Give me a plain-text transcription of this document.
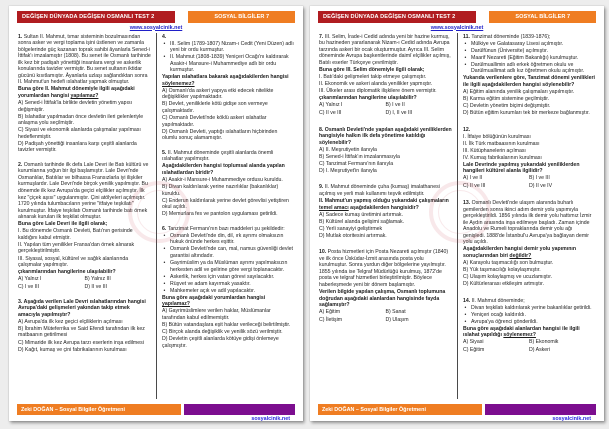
DEĞİŞEN DÜNYADA DEĞİŞEN OSMANLI TEST 2	SOSYAL BİLGİLER 7
www.sosyalcinik.net
1. Sultan II. Mahmut, tımar sisteminin bozulmasından sonra asker ve vergi toplama işini üstlenen ve zamanla bölgelerinde güç kazanan toprak sahibi âyanlarla Sened-i İttifak'ı imzalamıştır (1808). Bu senet ile Osmanlı tarihinde ilk kez bir padişah yönettiği insanlara vergi ve askerlik konularında tavizler vermiştir. Bu senet sultanın iktidar gücünü kısıtlamıştır. Âyanlarla uzlaşı sağlandıktan sonra II. Mahmut'un hedefi ıslahatlar yapmak olmuştur.
Buna göre II. Mahmut dönemiyle ilgili aşağıdaki yorumlardan hangisi yapılamaz?
A) Sened-i İttifak'la birlikte devletin yönetim yapısı değişmiştir.
B) Islahatlar yapılmadan önce devletin ileri gelenleriyle anlaşma yolu seçilmiştir.
C) Siyasi ve ekonomik alanlarda çalışmalar yapılması hedeflenmiştir.
D) Padişah yönettiği insanlara karşı çeşitli alanlarda tavizler vermiştir.
2. Osmanlı tarihinde ilk defa Lale Devri ile Batı kültürü ve kurumlarına yoğun bir ilgi başlamıştır. Lale Devri'nde Osmanlılar, Batılılar ve bilhassa Fransızlarla iyi ilişkiler kurmuşlardır. Lale Devri'nde birçok yenilik yapılmıştır. Bu dönemde ilk kez Avrupa'da geçici elçilikler açılmıştır. İlk kez "çiçek aşısı" uygulanmıştır. Çini atölyeleri açılmıştır. 1720 yılında tulumbacıların yerine "itfaiye teşkilatı" kurulmuştur. İtfaiye teşkilatı Osmanlı tarihinde batı örnek alınarak kurulan ilk teşkilat olmuştur.
Buna göre Lale Devri ile ilgili olarak;
I. Bu dönemde Osmanlı Devleti, Batı'nın gerisinde kaldığını kabul etmiştir.
II. Yapılan tüm yenilikler Fransa'dan örnek alınarak gerçekleştirilmiştir.
III. Siyasal, sosyal, kültürel ve sağlık alanlarında çalışmalar yapılmıştır.
çıkarımlarından hangilerine ulaşılabilir?
A) Yalnız I	B) Yalnız III
C) I ve III	D) II ve III
3. Aşağıda verilen Lale Devri ıslahatlarından hangisi Avrupa'daki gelişmeleri yakından takip etmek amacıyla yapılmıştır?
A) Avrupa'da ilk kez geçici elçiliklerin açılması
B) İbrahim Müteferrika ve Said Efendi tarafından ilk kez matbaanın getirilmesi
C) Mimaride ilk kez Avrupa tarzı eserlerin inşa edilmesi
D) Kağıt, kumaş ve çini fabrikalarının kurulması
4.
• III. Selim (1789-1807) Nizam-ı Cedit (Yeni Düzen) adlı yeni bir ordu kurmuştur.
• II. Mahmut (1808-1839) Yeniçeri Ocağı'nı kaldırarak Asakir-i Mansure-i Muhammediye adlı bir ordu kurmuştur.
Yapılan ıslahatlara bakarak aşağıdakilerden hangisi söylenemez?
A) Osmanlı'da askeri yapıya etki edecek nitelikte değişiklikler yapılmaktadır.
B) Devlet, yeniliklerle kötü gidişe son vermeye çalışmaktadır.
C) Osmanlı Devleti'nde köklü askeri ıslahatlar yapılmaktadır.
D) Osmanlı Devleti, yaptığı ıslahatların hiçbirinden olumlu sonuç alamamıştır.
5. II. Mahmut döneminde çeşitli alanlarda önemli ıslahatlar yapılmıştır.
Aşağıdakilerden hangisi toplumsal alanda yapılan ıslahatlardan biridir?
A) Asakir-i Mansure-i Muhammediye ordusu kuruldu.
B) Divan kaldırılarak yerine nazırlıklar (bakanlıklar) kuruldu.
C) Enderun kaldırılarak yerine devlet görevlisi yetiştiren okul açıldı.
D) Memurlara fes ve pantolon uygulaması getirildi.
6. Tanzimat Fermanı'nın bazı maddeleri şu şekildedir:
• Osmanlı Devleti'nde din, dil, ırk ayrımı olmaksızın hukuk önünde herkes eşittir.
• Osmanlı Devleti'nde can, mal, namus güvenliği devlet garantisi altındadır.
• Gayrimüslim ya da Müslüman ayrımı yapılmaksızın herkesten adil ve gelirine göre vergi toplanacaktır.
• Askerlik, herkes için vatan görevi sayılacaktır.
• Rüşvet ve adam kayırmak yasaktır.
• Mahkemeler açık ve adil yapılacaktır.
Buna göre aşağıdaki yorumlardan hangisi yapılamaz?
A) Gayrimüslimlere verilen haklar, Müslümanlar tarafından kabul edilmemiştir.
B) Bütün vatandaşlara eşit haklar verileceği belirtilmiştir.
C) Birçok alanda değişiklik ve yenilik sözü verilmiştir.
D) Devletin çeşitli alanlarda kötüye gidişi önlemeye çalışmıştır.
Zeki DOĞAN – Sosyal Bilgiler Öğretmeni
sosyalcinik.net
DEĞİŞEN DÜNYADA DEĞİŞEN OSMANLI TEST 2	SOSYAL BİLGİLER 7
www.sosyalcinik.net
7. III. Selim, İrade-i Cedid adında yeni bir hazine kurmuş, bu hazineden yararlanarak Nizam-ı Cedid adında Avrupa tarzında askeri bir ocak oluşturmuştur. Ayrıca III. Selim döneminde Avrupa başkentlerinde daimî elçilikler açılmış, Batılı eserler Türkçeye çevrilmiştir.
Buna göre III. Selim dönemiyle ilgili olarak;
I. Batı'daki gelişmeleri takip etmeye çalışmıştır.
II. Ekonomik ve askeri alanda yenilikler yapmıştır.
III. Ülkeler arası diplomatik ilişkilere önem vermiştir.
çıkarımlarından hangilerine ulaşılabilir?
A) Yalnız I	B) I ve II
C) II ve III	D) I, II ve III
8. Osmanlı Devleti'nde yapılan aşağıdaki yeniliklerden hangisiyle halkın ilk defa yönetime katıldığı söylenebilir?
A) II. Meşrutiyetin ilanıyla
B) Sened-i İttifak'ın imzalanmasıyla
C) Tanzimat Fermanı'nın ilanıyla
D) I. Meşrutiyet'in ilanıyla
9. II. Mahmut döneminde çuha (kumaş) imalathanesi açılmış ve yerli malı kullanımı teşvik edilmiştir.
II. Mahmut'un yapmış olduğu yukarıdaki çalışmaların temel amacı aşağıdakilerden hangisidir?
A) Sadece kumaş üretimini artırmak.
B) Kültürel alanda gelişimi sağlamak.
C) Yerli sanayiyi geliştirmek
D) Mutlak otoritesini artırmak.
10. Posta hizmetleri için Posta Nezareti açılmıştır (1840) ve ilk önce Üsküdar-İzmit arasında posta yolu kurulmuştur. Sonra yurdun diğer bölgelerine yayılmıştır. 1855 yılında ise Telgraf Müdürlüğü kurulmuş, 1872'de posta ve telgraf hizmetleri birleştirilmiştir. Böylece haberleşmede yeni bir dönem başlamıştır.
Verilen bilgide yapılan çalışma, Osmanlı toplumuna doğrudan aşağıdaki alanlardan hangisinde fayda sağlamıştır?
A) Eğitim	B) Sanat
C) İletişim	D) Ulaşım
11. Tanzimat döneminde (1839-1876);
• Mülkiye ve Galatasaray Lisesi açılmıştır.
• Darülfünun (Üniversite) açılmıştır.
• Maarif Nezareti (Eğitim Bakanlığı) kurulmuştur.
• Darülmuallimin adlı erkek öğretmen okulu ve Darülmuallimat adlı kız öğretmen okulu açılmıştır.
Yukarıda verilenlere göre, Tanzimat dönemi yenilikleri ile ilgili aşağıdakilerden hangisi söylenebilir?
A) Eğitim alanında yenilik çalışmaları yapılmıştır.
B) Karma eğitim sistemine geçilmiştir.
C) Devletin yönetim biçimi değişmiştir.
D) Bütün eğitim kurumları tek bir merkeze bağlanmıştır.
12.
I. İtfaiye bölüğünün kurulması
II. İlk Türk matbaasının kurulması
III. Kütüphanelerin açılması
IV. Kumaş fabrikalarının kurulması
Lale Devrinde yapılmış yukarıdaki yeniliklerden hangileri kültürel alanla ilgilidir?
A) I ve II	B) I ve III
C) II ve III	D) II ve IV
13. Osmanlı Devleti'nde ulaşım alanında buharlı gemilerden sonra ikinci adım demir yolu yapımıyla gerçekleştirildi. 1856 yılında ilk demir yolu hattımız İzmir ile Aydın arasında inşa edilmeye başladı. Zaman içinde Anadolu ve Rumeli topraklarında demir yolu ağı genişledi. 1888'de İstanbul'u Avrupa'ya bağlayan demir yolu açıldı.
Aşağıdakilerden hangisi demir yolu yapımının sonuçlarından biri değildir?
A) Karayolu taşımacılığı son bulmuştur.
B) Yük taşımacılığı kolaylaşmıştır.
C) Ulaşım kolaylaşmış ve ucuzlamıştır.
D) Kültürlerarası etkileşim artmıştır.
14. II. Mahmut döneminde;
• Divan teşkilatı kaldırılarak yerine bakanlıklar getirildi.
• Yeniçeri ocağı kaldırıldı.
• Avrupa'ya öğrenci gönderildi.
Buna göre aşağıdaki alanlardan hangisi ile ilgili ıslahat yapıldığı söylenemez?
A) Siyasi	B) Ekonomik
C) Eğitim	D) Askeri
Zeki DOĞAN – Sosyal Bilgiler Öğretmeni
sosyalcinik.net
